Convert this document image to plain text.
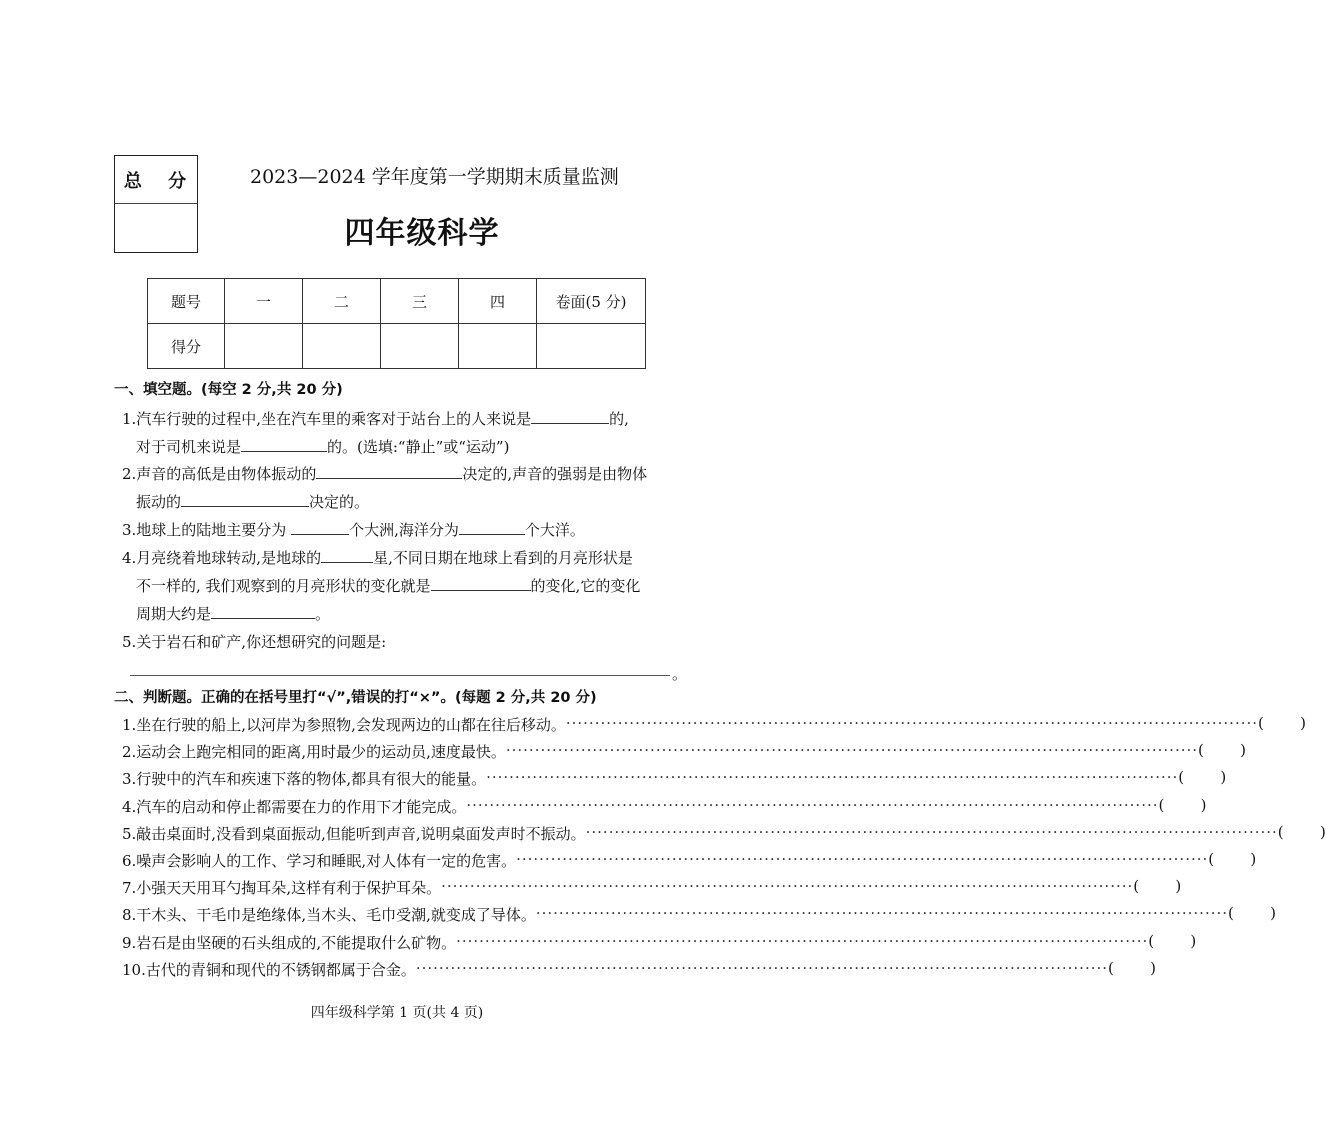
总 分	2023—2024 学年度第一学期期末质量监测
四年级科学
题号	一	二	三	四	卷面(5 分)
得分					
一、填空题。(每空 2 分,共 20 分)
1.汽车行驶的过程中,坐在汽车里的乘客对于站台上的人来说是	的,
对于司机来说是	的。(选填:“静止”或“运动”)
2.声音的高低是由物体振动的	决定的,声音的强弱是由物体
振动的	决定的。
3.地球上的陆地主要分为	个大洲,海洋分为	个大洋。
4.月亮绕着地球转动,是地球的	星,不同日期在地球上看到的月亮形状是
不一样的, 我们观察到的月亮形状的变化就是	的变化,它的变化
周期大约是	。
5.关于岩石和矿产,你还想研究的问题是:
。
二、判断题。正确的在括号里打“√”,错误的打“×”。(每题 2 分,共 20 分)
1.坐在行驶的船上,以河岸为参照物,会发现两边的山都在往后移动。 ························································································································ ( )
2.运动会上跑完相同的距离,用时最少的运动员,速度最快。 ························································································································ ( )
3.行驶中的汽车和疾速下落的物体,都具有很大的能量。 ························································································································ ( )
4.汽车的启动和停止都需要在力的作用下才能完成。 ························································································································ ( )
5.敲击桌面时,没看到桌面振动,但能听到声音,说明桌面发声时不振动。 ························································································································ ( )
6.噪声会影响人的工作、学习和睡眠,对人体有一定的危害。 ························································································································ ( )
7.小强天天用耳勺掏耳朵,这样有利于保护耳朵。 ························································································································ ( )
8.干木头、干毛巾是绝缘体,当木头、毛巾受潮,就变成了导体。 ························································································································ ( )
9.岩石是由坚硬的石头组成的,不能提取什么矿物。 ························································································································ ( )
10.古代的青铜和现代的不锈钢都属于合金。 ························································································································ ( )
四年级科学第 1 页(共 4 页)
